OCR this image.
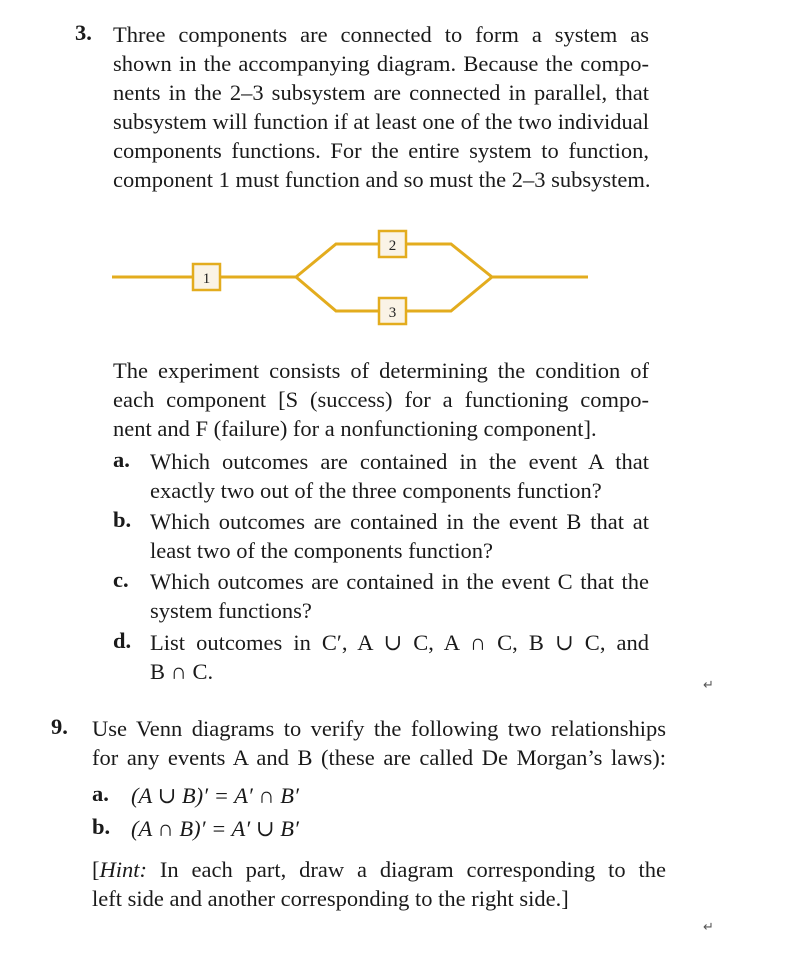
3. Three components are connected to form a system as
shown in the accompanying diagram. Because the compo-
nents in the 2–3 subsystem are connected in parallel, that
subsystem will function if at least one of the two individual
components functions. For the entire system to function,
component 1 must function and so must the 2–3 subsystem.
1
2
3
The experiment consists of determining the condition of
each component [S (success) for a functioning compo-
nent and F (failure) for a nonfunctioning component].
a. Which outcomes are contained in the event A that
exactly two out of the three components function?
b. Which outcomes are contained in the event B that at
least two of the components function?
c. Which outcomes are contained in the event C that the
system functions?
d. List outcomes in C′, A ∪ C, A ∩ C, B ∪ C, and
B ∩ C.
↵
9. Use Venn diagrams to verify the following two relationships
for any events A and B (these are called De Morgan’s laws):
a. (A ∪ B)′ = A′ ∩ B′
b. (A ∩ B)′ = A′ ∪ B′
[Hint: In each part, draw a diagram corresponding to the
left side and another corresponding to the right side.]
↵
